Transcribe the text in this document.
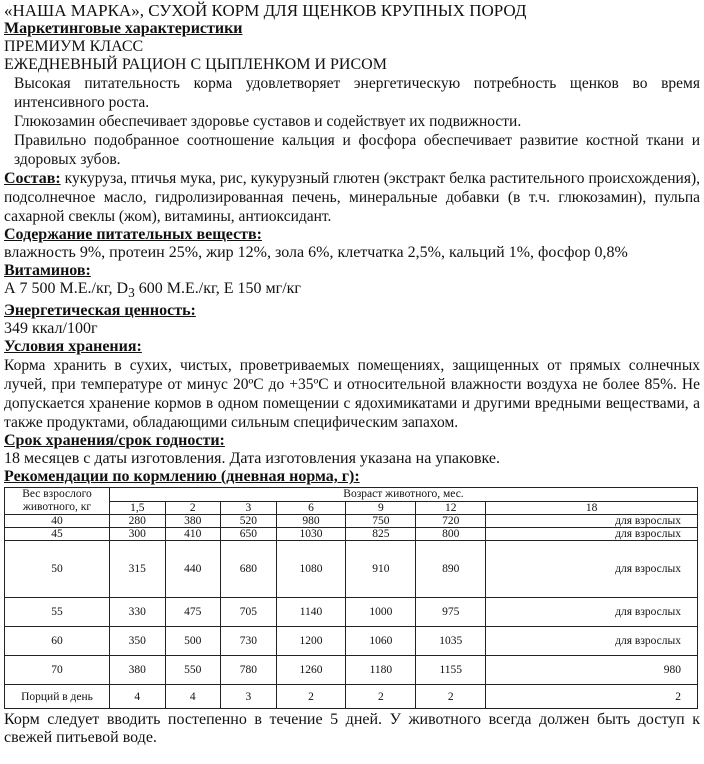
«НАША МАРКА», СУХОЙ КОРМ ДЛЯ ЩЕНКОВ КРУПНЫХ ПОРОД
Маркетинговые характеристики
ПРЕМИУМ КЛАСС
ЕЖЕДНЕВНЫЙ РАЦИОН С ЦЫПЛЕНКОМ И РИСОМ
Высокая питательность корма удовлетворяет энергетическую потребность щенков во время интенсивного роста.
Глюкозамин обеспечивает здоровье суставов и содействует их подвижности.
Правильно подобранное соотношение кальция и фосфора обеспечивает развитие костной ткани и здоровых зубов.
Состав: кукуруза, птичья мука, рис, кукурузный глютен (экстракт белка растительного происхождения), подсолнечное масло, гидролизированная печень, минеральные добавки (в т.ч. глюкозамин), пульпа сахарной свеклы (жом), витамины, антиоксидант.
Содержание питательных веществ:
влажность 9%, протеин 25%, жир 12%, зола 6%, клетчатка 2,5%, кальций 1%, фосфор 0,8%
Витаминов:
А 7 500 М.Е./кг, $D_3$ 600 М.Е./кг, Е 150 мг/кг
Энергетическая ценность:
349 ккал/100г
Условия хранения:
Корма хранить в сухих, чистых, проветриваемых помещениях, защищенных от прямых солнечных лучей, при температуре от минус 20ºС до +35ºС и относительной влажности воздуха не более 85%. Не допускается хранение кормов в одном помещении с ядохимикатами и другими вредными веществами, а также продуктами, обладающими сильным специфическим запахом.
Срок хранения/срок годности:
18 месяцев с даты изготовления. Дата изготовления указана на упаковке.
Рекомендации по кормлению (дневная норма, г):
Вес взрослого животного, кг	Возраст животного, мес.						
	1,5	2	3	6	9	12	18
40	280	380	520	980	750	720	для взрослых
45	300	410	650	1030	825	800	для взрослых
50	315	440	680	1080	910	890	для взрослых
55	330	475	705	1140	1000	975	для взрослых
60	350	500	730	1200	1060	1035	для взрослых
70	380	550	780	1260	1180	1155	980
Порций в день	4	4	3	2	2	2	2
Корм следует вводить постепенно в течение 5 дней. У животного всегда должен быть доступ к свежей питьевой воде.
